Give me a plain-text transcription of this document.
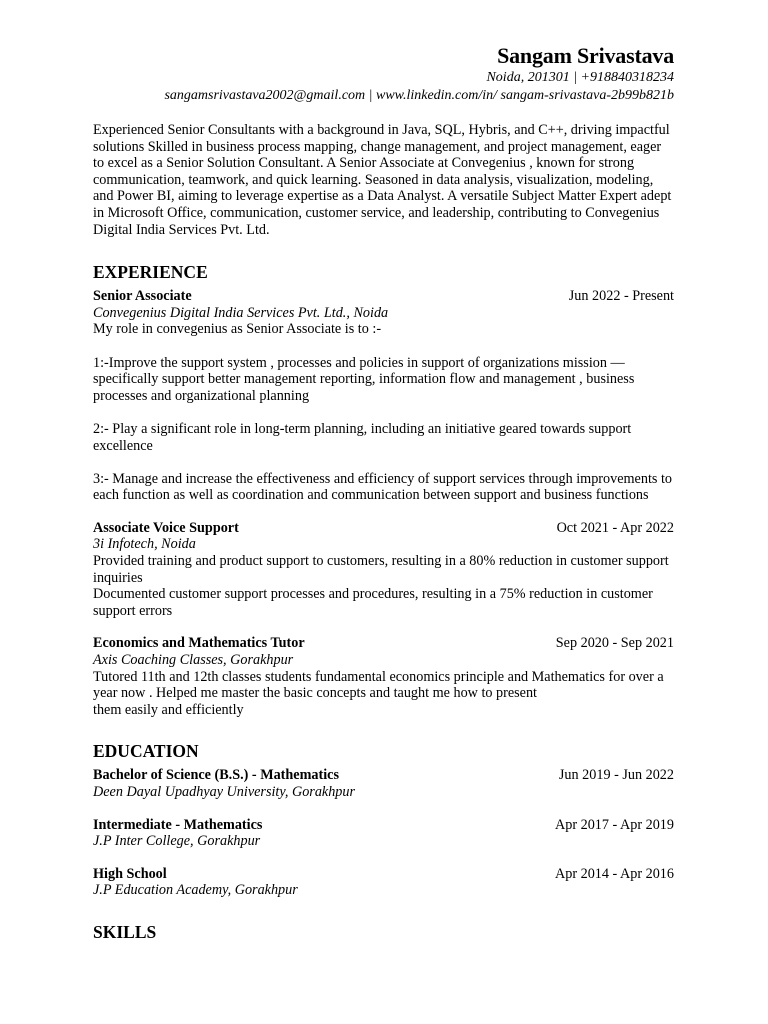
Sangam Srivastava
Noida, 201301 | +918840318234
sangamsrivastava2002@gmail.com | www.linkedin.com/in/ sangam-srivastava-2b99b821b
Experienced Senior Consultants with a background in Java, SQL, Hybris, and C++, driving impactful solutions Skilled in business process mapping, change management, and project management, eager to excel as a Senior Solution Consultant. A Senior Associate at Convegenius , known for strong communication, teamwork, and quick learning. Seasoned in data analysis, visualization, modeling, and Power BI, aiming to leverage expertise as a Data Analyst. A versatile Subject Matter Expert adept in Microsoft Office, communication, customer service, and leadership, contributing to Convegenius Digital India Services Pvt. Ltd.
EXPERIENCE
Senior Associate	Jun 2022 - Present
Convegenius Digital India Services Pvt. Ltd., Noida
My role in convegenius as Senior Associate is to :-
1:-Improve the support system , processes and policies in support of organizations mission — specifically support better management reporting, information flow and management , business processes and organizational planning
2:- Play a significant role in long-term planning, including an initiative geared towards support excellence
3:- Manage and increase the effectiveness and efficiency of support services through improvements to each function as well as coordination and communication between support and business functions
Associate Voice Support	Oct 2021 - Apr 2022
3i Infotech, Noida
Provided training and product support to customers, resulting in a 80% reduction in customer support inquiries
Documented customer support processes and procedures, resulting in a 75% reduction in customer support errors
Economics and Mathematics Tutor	Sep 2020 - Sep 2021
Axis Coaching Classes, Gorakhpur
Tutored 11th and 12th classes students fundamental economics principle and Mathematics for over a year now . Helped me master the basic concepts and taught me how to present
them easily and efficiently
EDUCATION
Bachelor of Science (B.S.) - Mathematics	Jun 2019 - Jun 2022
Deen Dayal Upadhyay University, Gorakhpur
Intermediate - Mathematics	Apr 2017 - Apr 2019
J.P Inter College, Gorakhpur
High School	Apr 2014 - Apr 2016
J.P Education Academy, Gorakhpur
SKILLS
